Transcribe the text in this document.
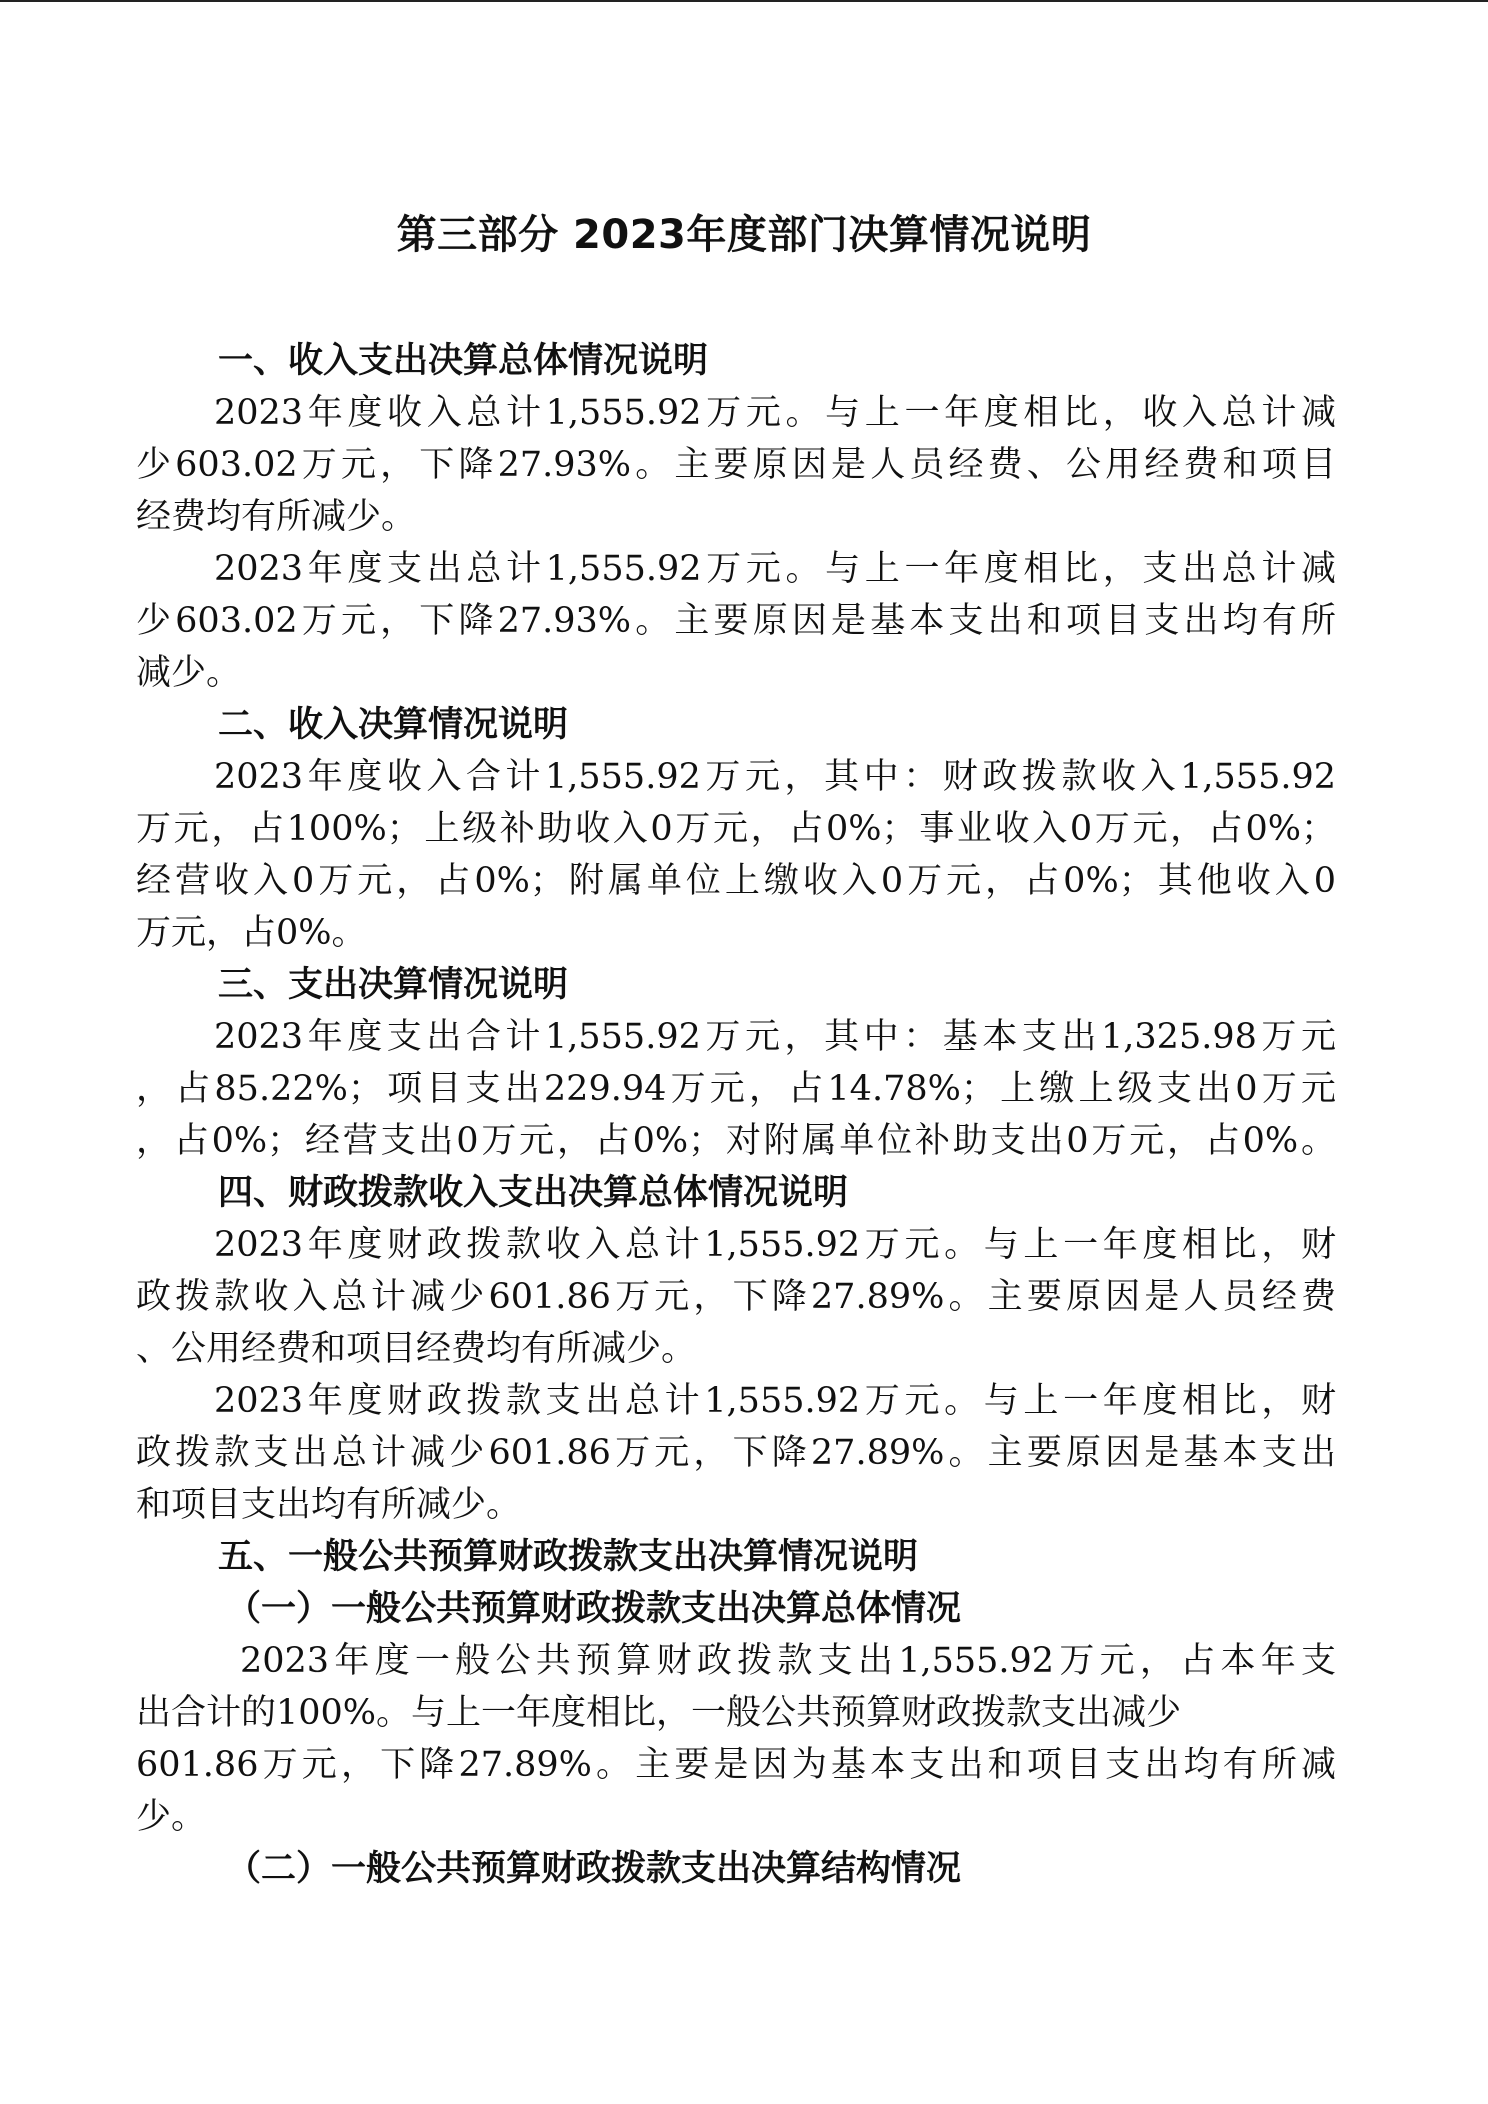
第三部分 2023年度部门决算情况说明
一、收入支出决算总体情况说明
2023年度收入总计1,555.92万元。与上一年度相比，收入总计减
少603.02万元，下降27.93%。主要原因是人员经费、公用经费和项目
经费均有所减少。
2023年度支出总计1,555.92万元。与上一年度相比，支出总计减
少603.02万元，下降27.93%。主要原因是基本支出和项目支出均有所
减少。
二、收入决算情况说明
2023年度收入合计1,555.92万元，其中：财政拨款收入1,555.92
万元，占100%；上级补助收入0万元，占0%；事业收入0万元，占0%；
经营收入0万元，占0%；附属单位上缴收入0万元，占0%；其他收入0
万元，占0%。
三、支出决算情况说明
2023年度支出合计1,555.92万元，其中：基本支出1,325.98万元
，占85.22%；项目支出229.94万元，占14.78%；上缴上级支出0万元
，占0%；经营支出0万元，占0%；对附属单位补助支出0万元，占0%。
四、财政拨款收入支出决算总体情况说明
2023年度财政拨款收入总计1,555.92万元。与上一年度相比，财
政拨款收入总计减少601.86万元，下降27.89%。主要原因是人员经费
、公用经费和项目经费均有所减少。
2023年度财政拨款支出总计1,555.92万元。与上一年度相比，财
政拨款支出总计减少601.86万元，下降27.89%。主要原因是基本支出
和项目支出均有所减少。
五、一般公共预算财政拨款支出决算情况说明
（一）一般公共预算财政拨款支出决算总体情况
2023年度一般公共预算财政拨款支出1,555.92万元，占本年支
出合计的100%。与上一年度相比，一般公共预算财政拨款支出减少
601.86万元，下降27.89%。主要是因为基本支出和项目支出均有所减
少。
（二）一般公共预算财政拨款支出决算结构情况
